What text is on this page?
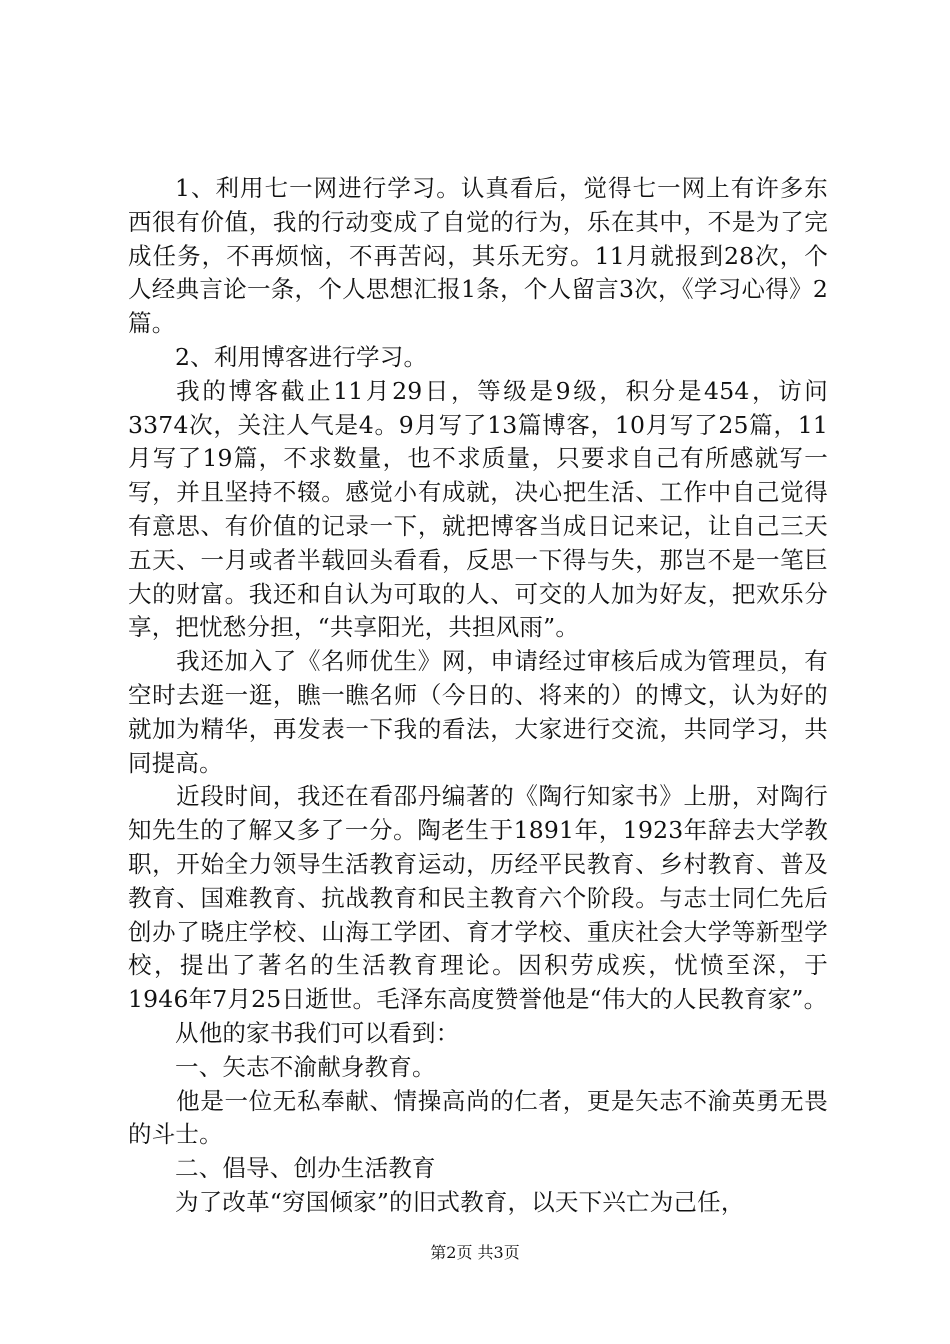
1、利用七一网进行学习。认真看后，觉得七一网上有许多东西很有价值，我的行动变成了自觉的行为，乐在其中，不是为了完成任务，不再烦恼，不再苦闷，其乐无穷。11月就报到28次，个人经典言论一条，个人思想汇报1条，个人留言3次，《学习心得》2篇。

2、利用博客进行学习。

我的博客截止11月29日，等级是9级，积分是454，访问3374次，关注人气是4。9月写了13篇博客，10月写了25篇，11月写了19篇，不求数量，也不求质量，只要求自己有所感就写一写，并且坚持不辍。感觉小有成就，决心把生活、工作中自己觉得有意思、有价值的记录一下，就把博客当成日记来记，让自己三天五天、一月或者半载回头看看，反思一下得与失，那岂不是一笔巨大的财富。我还和自认为可取的人、可交的人加为好友，把欢乐分享，把忧愁分担，“共享阳光，共担风雨”。

我还加入了《名师优生》网，申请经过审核后成为管理员，有空时去逛一逛，瞧一瞧名师（今日的、将来的）的博文，认为好的就加为精华，再发表一下我的看法，大家进行交流，共同学习，共同提高。

近段时间，我还在看邵丹编著的《陶行知家书》上册，对陶行知先生的了解又多了一分。陶老生于1891年，1923年辞去大学教职，开始全力领导生活教育运动，历经平民教育、乡村教育、普及教育、国难教育、抗战教育和民主教育六个阶段。与志士同仁先后创办了晓庄学校、山海工学团、育才学校、重庆社会大学等新型学校，提出了著名的生活教育理论。因积劳成疾，忧愤至深，于1946年7月25日逝世。毛泽东高度赞誉他是“伟大的人民教育家”。

从他的家书我们可以看到：

一、矢志不渝献身教育。

他是一位无私奉献、情操高尚的仁者，更是矢志不渝英勇无畏的斗士。

二、倡导、创办生活教育

为了改革“穷国倾家”的旧式教育，以天下兴亡为己任，

第2页 共3页
